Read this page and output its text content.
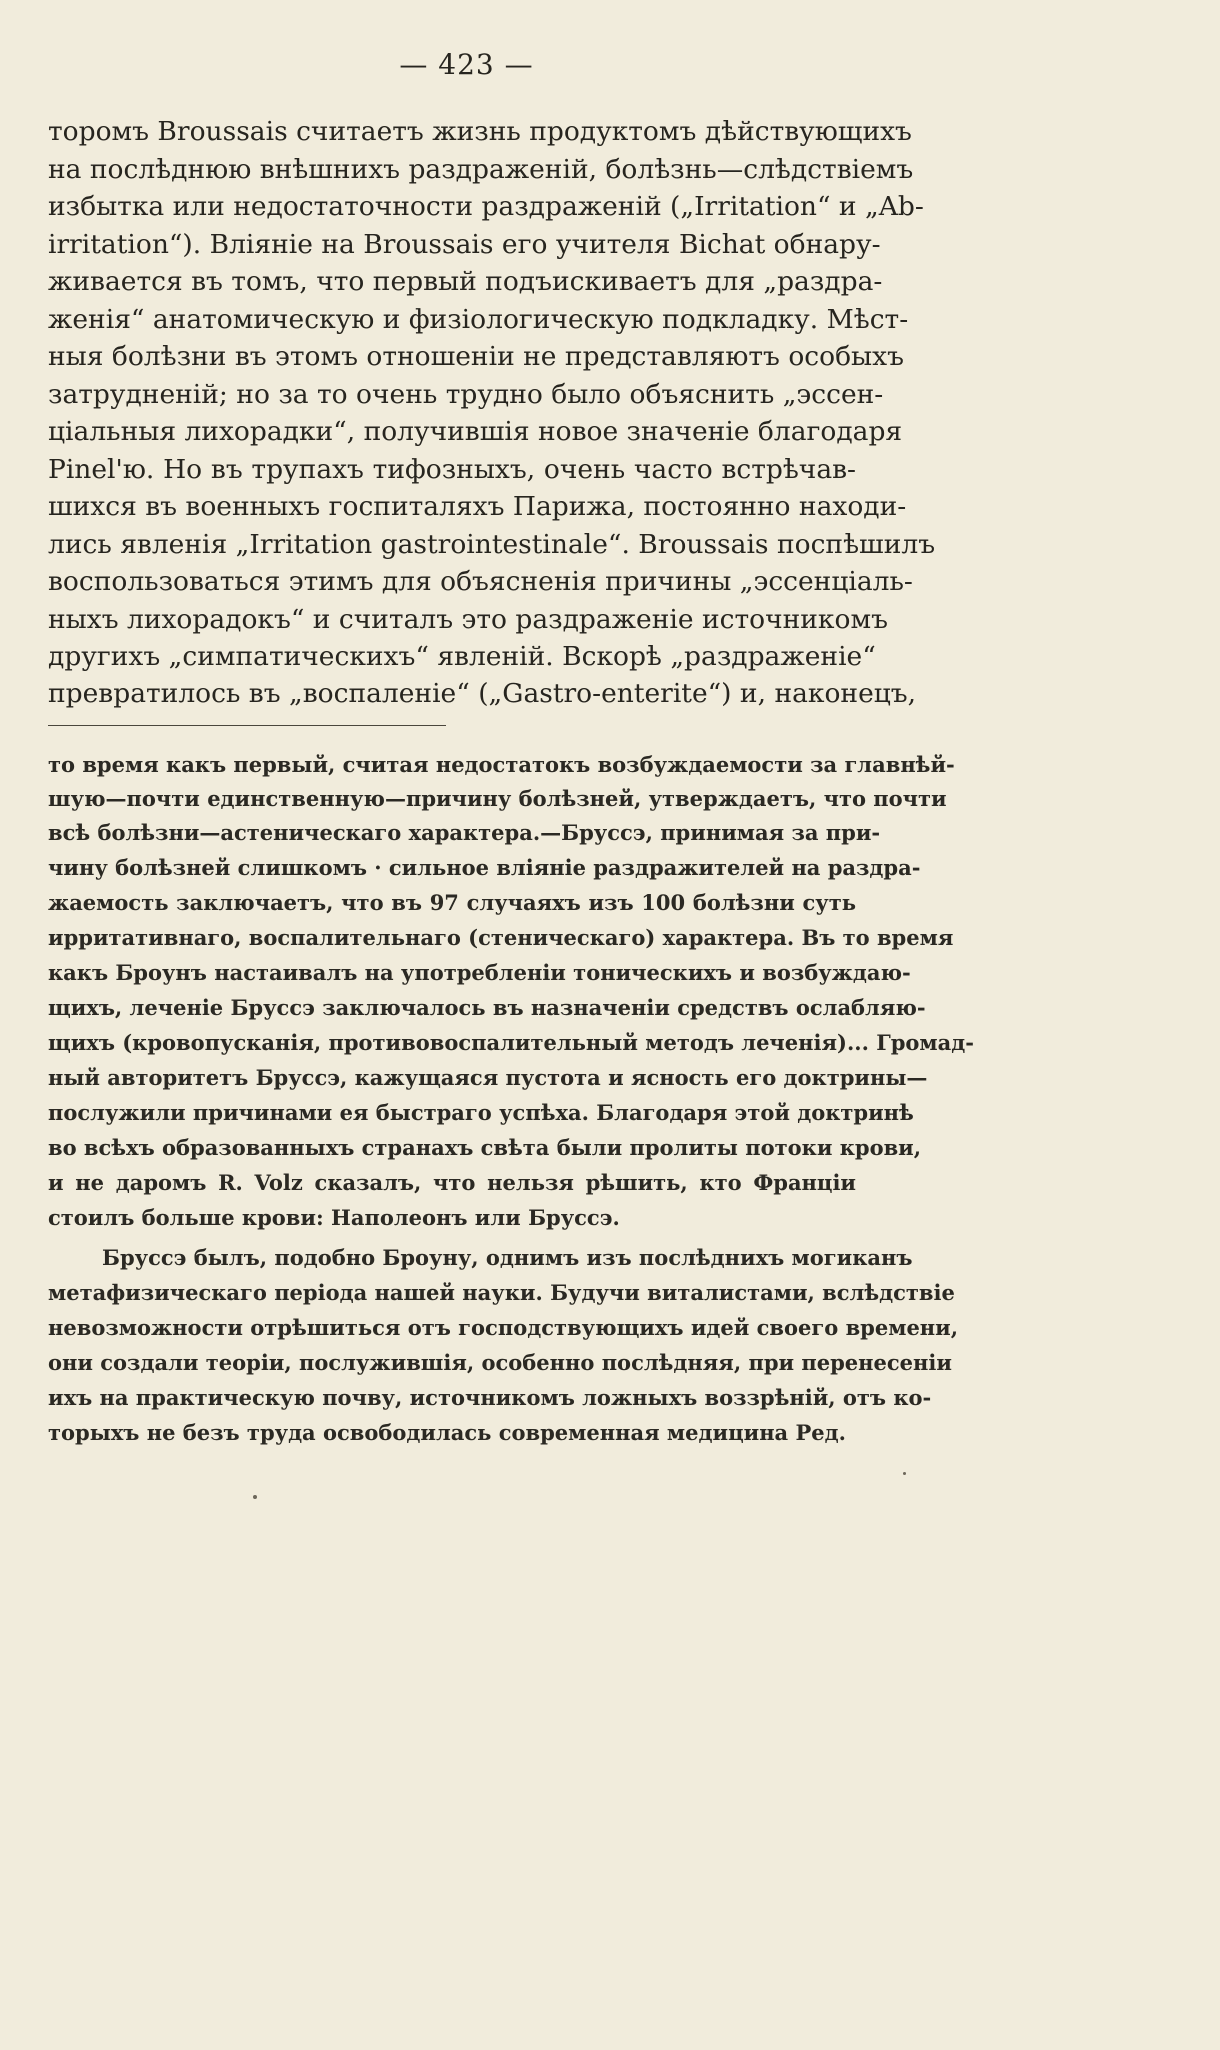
— 423 —
торомъ Broussais считаетъ жизнь продуктомъ дѣйствующихъ
на послѣднюю внѣшнихъ раздраженій, болѣзнь—слѣдствіемъ
избытка или недостаточности раздраженій („Irritation“ и „Ab-
irritation“). Вліяніе на Broussais его учителя Bichat обнару-
живается въ томъ, что первый подъискиваетъ для „раздра-
женія“ анатомическую и физіологическую подкладку. Мѣст-
ныя болѣзни въ этомъ отношеніи не представляютъ особыхъ
затрудненій; но за то очень трудно было объяснить „эссен-
ціальныя лихорадки“, получившія новое значеніе благодаря
Pinel'ю. Но въ трупахъ тифозныхъ, очень часто встрѣчав-
шихся въ военныхъ госпиталяхъ Парижа, постоянно находи-
лись явленія „Irritation gastrointestinale“. Broussais поспѣшилъ
воспользоваться этимъ для объясненія причины „эссенціаль-
ныхъ лихорадокъ“ и считалъ это раздраженіе источникомъ
другихъ „симпатическихъ“ явленій. Вскорѣ „раздраженіе“
превратилось въ „воспаленіе“ („Gastro-enterite“) и, наконецъ,
то время какъ первый, считая недостатокъ возбуждаемости за главнѣй-
шую—почти единственную—причину болѣзней, утверждаетъ, что почти
всѣ болѣзни—астеническаго характера.—Бруссэ, принимая за при-
чину болѣзней слишкомъ · сильное вліяніе раздражителей на раздра-
жаемость заключаетъ, что въ 97 случаяхъ изъ 100 болѣзни суть
ирритативнаго, воспалительнаго (стеническаго) характера. Въ то время
какъ Броунъ настаивалъ на употребленіи тоническихъ и возбуждаю-
щихъ, леченіе Бруссэ заключалось въ назначеніи средствъ ослабляю-
щихъ (кровопусканія, противовоспалительный методъ леченія)... Громад-
ный авторитетъ Бруссэ, кажущаяся пустота и ясность его доктрины—
послужили причинами ея быстраго успѣха. Благодаря этой доктринѣ
во всѣхъ образованныхъ странахъ свѣта были пролиты потоки крови,
и не даромъ R. Volz сказалъ, что нельзя рѣшить, кто Франціи
стоилъ больше крови: Наполеонъ или Бруссэ.
Бруссэ былъ, подобно Броуну, однимъ изъ послѣднихъ могиканъ
метафизическаго періода нашей науки. Будучи виталистами, вслѣдствіе
невозможности отрѣшиться отъ господствующихъ идей своего времени,
они создали теоріи, послужившія, особенно послѣдняя, при перенесеніи
ихъ на практическую почву, источникомъ ложныхъ воззрѣній, отъ ко-
торыхъ не безъ труда освободилась современная медицина Ред.
